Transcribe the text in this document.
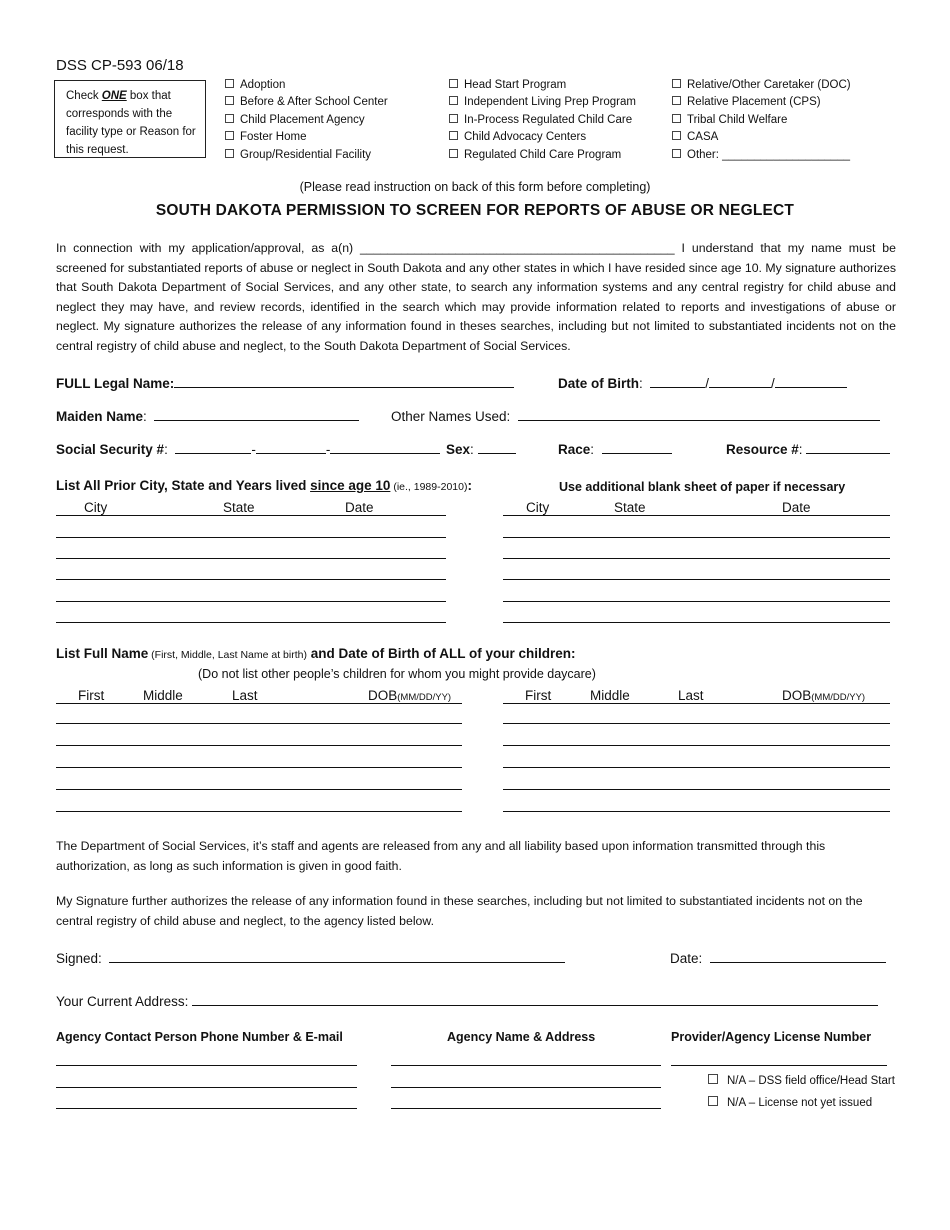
DSS CP-593 06/18
Check ONE box that corresponds with the facility type or Reason for this request.
Adoption
Before & After School Center
Child Placement Agency
Foster Home
Group/Residential Facility
Head Start Program
Independent Living Prep Program
In-Process Regulated Child Care
Child Advocacy Centers
Regulated Child Care Program
Relative/Other Caretaker (DOC)
Relative Placement (CPS)
Tribal Child Welfare
CASA
Other: ____________________
(Please read instruction on back of this form before completing)
SOUTH DAKOTA PERMISSION TO SCREEN FOR REPORTS OF ABUSE OR NEGLECT
In connection with my application/approval, as a(n) ______________________________________________ I understand that my name must be screened for substantiated reports of abuse or neglect in South Dakota and any other states in which I have resided since age 10. My signature authorizes that South Dakota Department of Social Services, and any other state, to search any information systems and any central registry for child abuse and neglect they may have, and review records, identified in the search which may provide information related to reports and investigations of abuse or neglect. My signature authorizes the release of any information found in theses searches, including but not limited to substantiated incidents not on the central registry of child abuse and neglect, to the South Dakota Department of Social Services.
FULL Legal Name:	Date of Birth:	/	/
Maiden Name:	Other Names Used:
Social Security #:	-	-	Sex:	Race:	Resource #:
List All Prior City, State and Years lived since age 10 (ie., 1989-2010):	Use additional blank sheet of paper if necessary
City	State	Date	City	State	Date
List Full Name (First, Middle, Last Name at birth) and Date of Birth of ALL of your children:
(Do not list other people’s children for whom you might provide daycare)
First	Middle	Last	DOB(MM/DD/YY)	First	Middle	Last	DOB(MM/DD/YY)
The Department of Social Services, it’s staff and agents are released from any and all liability based upon information transmitted through this authorization, as long as such information is given in good faith.
My Signature further authorizes the release of any information found in these searches, including but not limited to substantiated incidents not on the central registry of child abuse and neglect, to the agency listed below.
Signed:	Date:
Your Current Address:
Agency Contact Person Phone Number & E-mail	Agency Name & Address	Provider/Agency License Number
N/A – DSS field office/Head Start
N/A – License not yet issued
